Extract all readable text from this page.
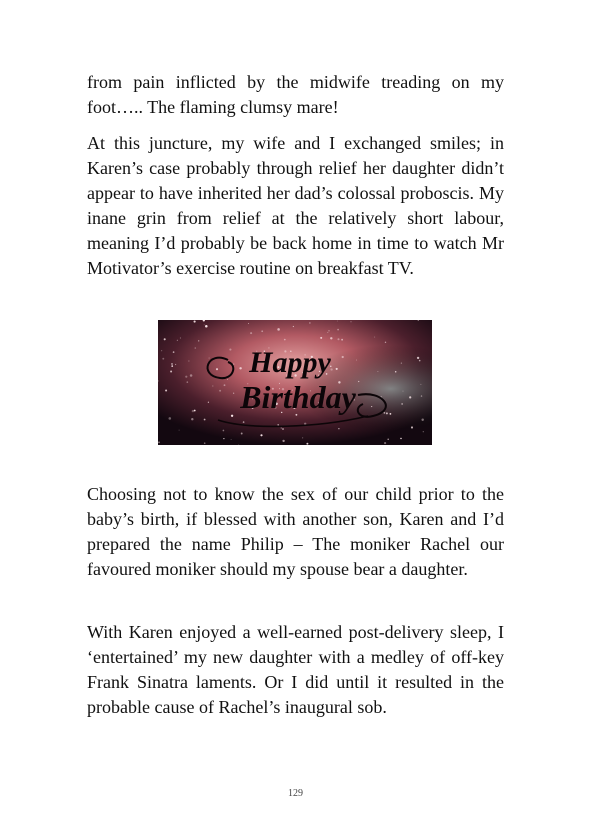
from pain inflicted by the midwife treading on my foot….. The flaming clumsy mare!

At this juncture, my wife and I exchanged smiles; in Karen’s case probably through relief her daughter didn’t appear to have inherited her dad’s colossal proboscis. My inane grin from relief at the relatively short labour, meaning I’d probably be back home in time to watch Mr Motivator’s exercise routine on breakfast TV.

Happy
Birthday

Choosing not to know the sex of our child prior to the baby’s birth, if blessed with another son, Karen and I’d prepared the name Philip – The moniker Rachel our favoured moniker should my spouse bear a daughter.

With Karen enjoyed a well-earned post-delivery sleep, I ‘entertained’ my new daughter with a medley of off-key Frank Sinatra laments. Or I did until it resulted in the probable cause of Rachel’s inaugural sob.

129
